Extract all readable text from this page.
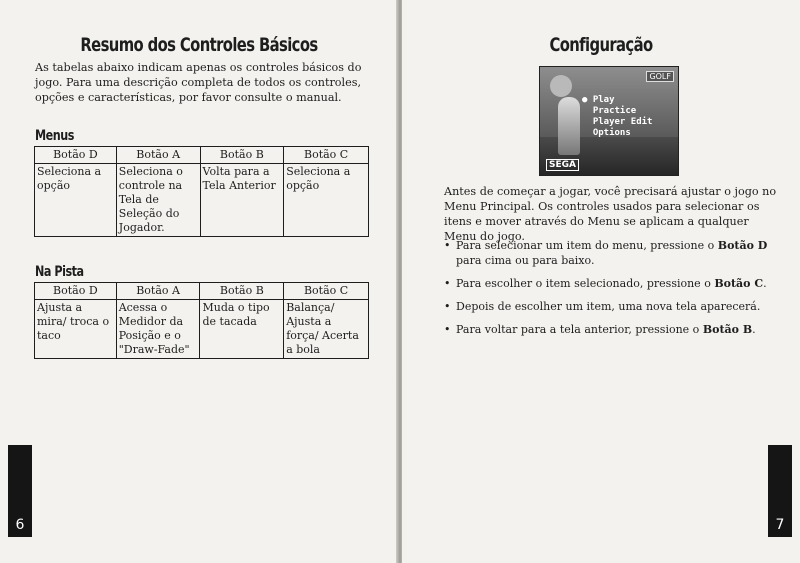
Resumo dos Controles Básicos

As tabelas abaixo indicam apenas os controles básicos do jogo. Para uma descrição completa de todos os controles, opções e características, por favor consulte o manual.

Menus
Botão D	Botão A	Botão B	Botão C
Seleciona a opção	Seleciona o controle na Tela de Seleção do Jogador.	Volta para a Tela Anterior	Seleciona a opção
Na Pista
Botão D	Botão A	Botão B	Botão C
Ajusta a mira/ troca o taco	Acessa o Medidor da Posição e o "Draw-Fade"	Muda o tipo de tacada	Balança/ Ajusta a força/ Acerta a bola
6
Configuração
GOLF
● Play
Practice
Player Edit
Options
SEGA

Antes de começar a jogar, você precisará ajustar o jogo no Menu Principal. Os controles usados para selecionar os itens e mover através do Menu se aplicam a qualquer Menu do jogo.

• Para selecionar um item do menu, pressione o Botão D para cima ou para baixo.
• Para escolher o item selecionado, pressione o Botão C.
• Depois de escolher um item, uma nova tela aparecerá.
• Para voltar para a tela anterior, pressione o Botão B.
7
